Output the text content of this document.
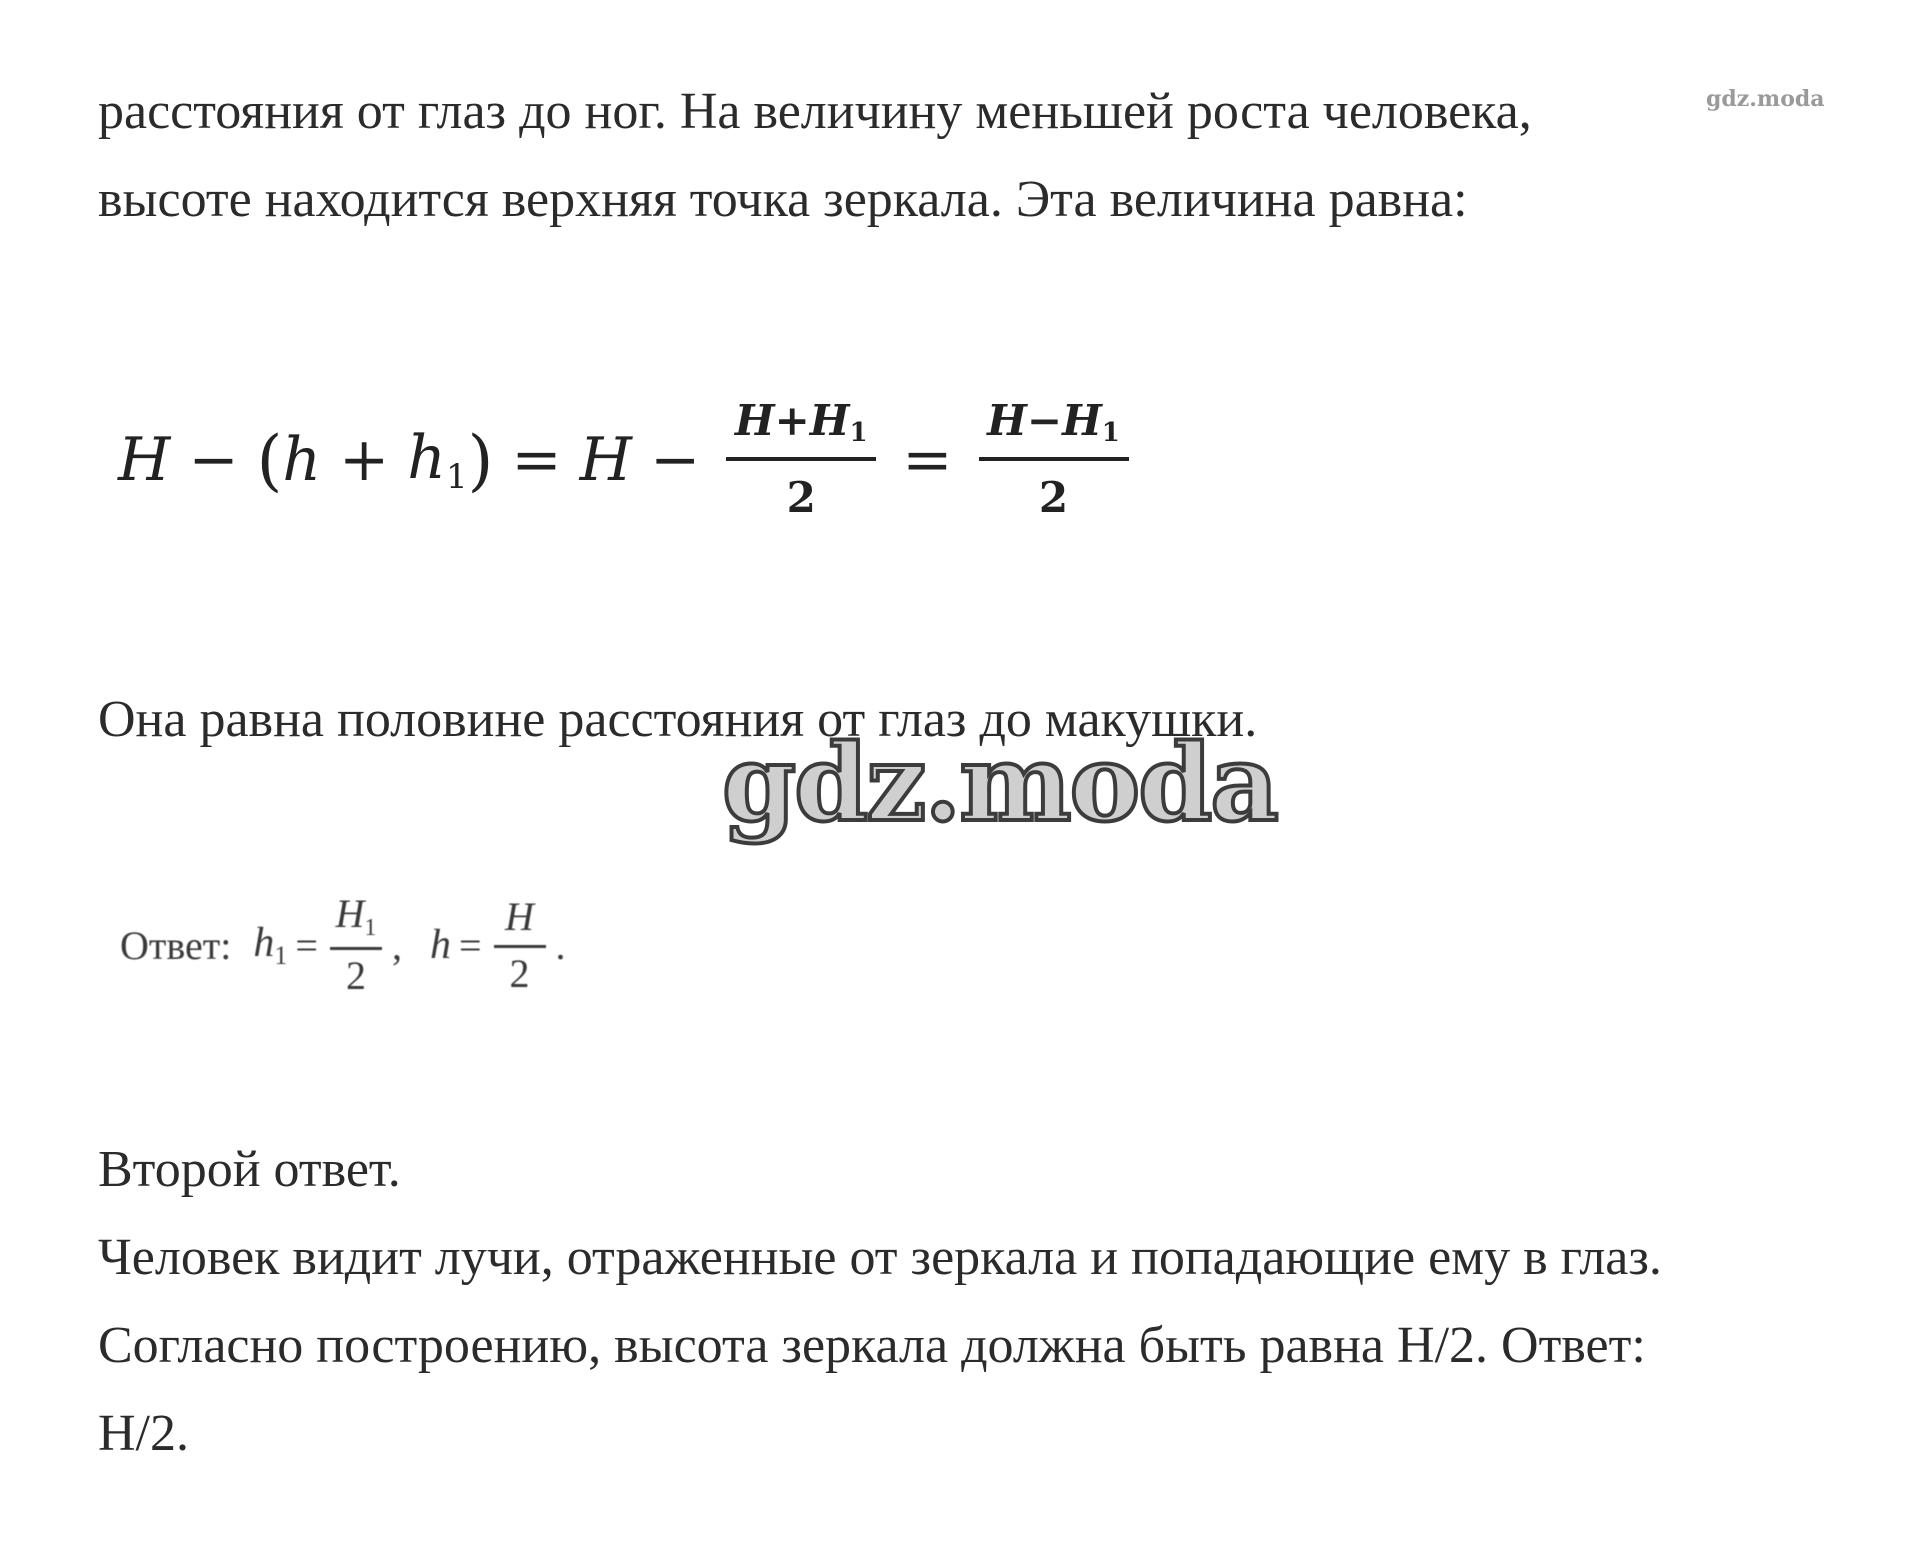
gdz.moda
расстояния от глаз до ног. На величину меньшей роста человека,
высоте находится верхняя точка зеркала. Эта величина равна:
H − ( $h + h_1$ ) = $H - \frac{H+H_1}{2} = \frac{H-H_1}{2}$
Она равна половине расстояния от глаз до макушки.
gdz.moda
Ответ: $h_1 = \frac{H_1}{2}$ , $h = \frac{H}{2}$ .
Второй ответ.
Человек видит лучи, отраженные от зеркала и попадающие ему в глаз.
Согласно построению, высота зеркала должна быть равна H/2. Ответ:
H/2.
